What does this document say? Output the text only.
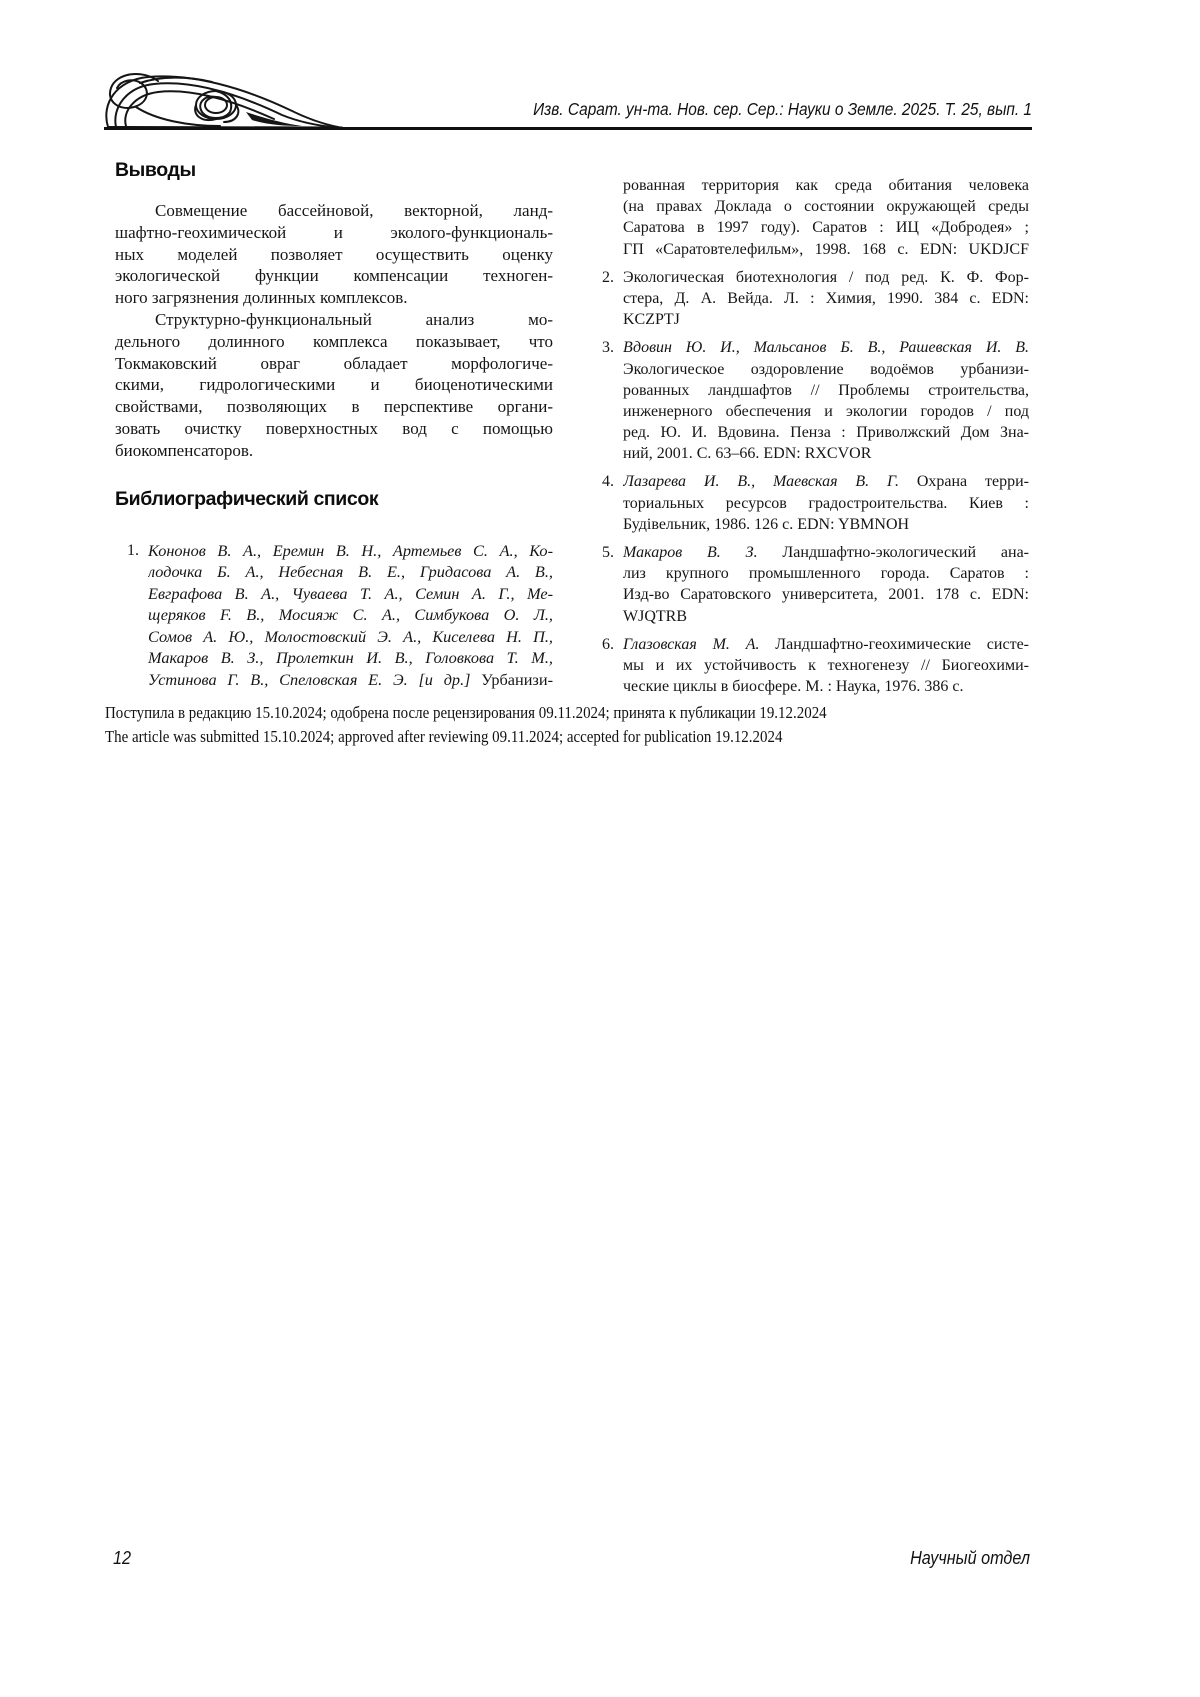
Изв. Сарат. ун-та. Нов. сер. Сер.: Науки о Земле. 2025. Т. 25, вып. 1
Выводы
Совмещение бассейновой, векторной, ланд-
шафтно-геохимической и эколого-функциональ-
ных моделей позволяет осуществить оценку
экологической функции компенсации техноген-
ного загрязнения долинных комплексов.
Структурно-функциональный анализ мо-
дельного долинного комплекса показывает, что
Токмаковский овраг обладает морфологиче-
скими, гидрологическими и биоценотическими
свойствами, позволяющих в перспективе органи-
зовать очистку поверхностных вод с помощью
биокомпенсаторов.
Библиографический список
1. Кононов В. А., Еремин В. Н., Артемьев С. А., Ко-
лодочка Б. А., Небесная В. Е., Гридасова А. В.,
Евграфова В. А., Чуваева Т. А., Семин А. Г., Ме-
щеряков F. В., Мосияж С. А., Симбукова О. Л.,
Сомов А. Ю., Молостовский Э. А., Киселева Н. П.,
Макаров В. З., Пролеткин И. В., Головкова Т. М.,
Устинова Г. В., Спеловская Е. Э. [и др.] Урбанизи-
рованная территория как среда обитания человека
(на правах Доклада о состоянии окружающей среды
Саратова в 1997 году). Саратов : ИЦ «Добродея» ;
ГП «Саратовтелефильм», 1998. 168 с. EDN: UKDJCF
2. Экологическая биотехнология / под ред. К. Ф. Фор-
стера, Д. А. Вейда. Л. : Химия, 1990. 384 с. EDN:
KCZPTJ
3. Вдовин Ю. И., Мальсанов Б. В., Рашевская И. В.
Экологическое оздоровление водоёмов урбанизи-
рованных ландшафтов // Проблемы строительства,
инженерного обеспечения и экологии городов / под
ред. Ю. И. Вдовина. Пенза : Приволжский Дом Зна-
ний, 2001. С. 63–66. EDN: RXCVOR
4. Лазарева И. В., Маевская В. Г. Охрана терри-
ториальных ресурсов градостроительства. Киев :
Будівельник, 1986. 126 с. EDN: YBMNOH
5. Макаров В. З. Ландшафтно-экологический ана-
лиз крупного промышленного города. Саратов :
Изд-во Саратовского университета, 2001. 178 с. EDN:
WJQTRB
6. Глазовская М. А. Ландшафтно-геохимические систе-
мы и их устойчивость к техногенезу // Биогеохими-
ческие циклы в биосфере. М. : Наука, 1976. 386 с.
Поступила в редакцию 15.10.2024; одобрена после рецензирования 09.11.2024; принята к публикации 19.12.2024
The article was submitted 15.10.2024; approved after reviewing 09.11.2024; accepted for publication 19.12.2024
12	Научный отдел
